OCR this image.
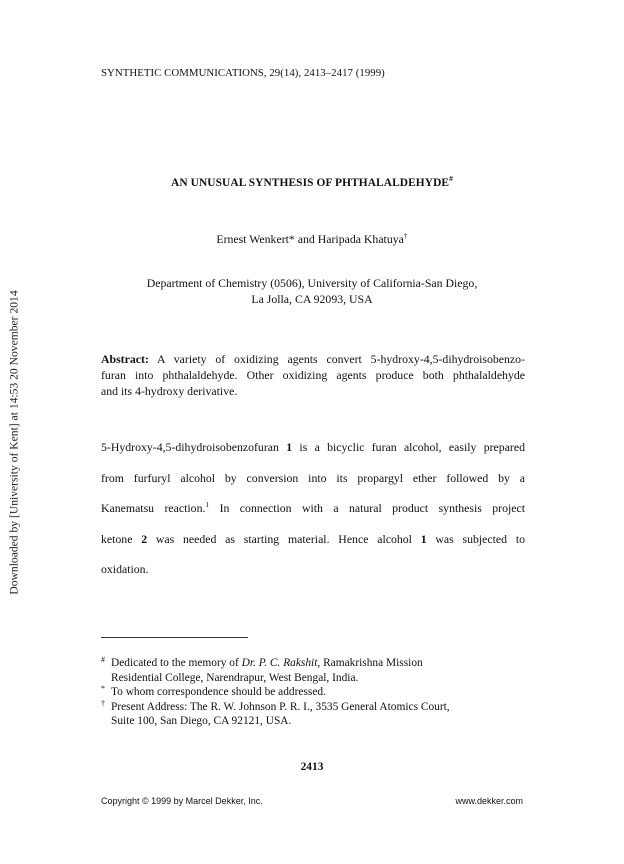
Downloaded by [University of Kent] at 14:53 20 November 2014
SYNTHETIC COMMUNICATIONS, 29(14), 2413–2417 (1999)
AN UNUSUAL SYNTHESIS OF PHTHALALDEHYDE#
Ernest Wenkert* and Haripada Khatuya†
Department of Chemistry (0506), University of California-San Diego,
La Jolla, CA 92093, USA
Abstract: A variety of oxidizing agents convert 5-hydroxy-4,5-dihydroisobenzo-
furan into phthalaldehyde. Other oxidizing agents produce both phthalaldehyde
and its 4-hydroxy derivative.
5-Hydroxy-4,5-dihydroisobenzofuran 1 is a bicyclic furan alcohol, easily prepared
from furfuryl alcohol by conversion into its propargyl ether followed by a
Kanematsu reaction.$^1$ In connection with a natural product synthesis project
ketone 2 was needed as starting material. Hence alcohol 1 was subjected to
oxidation.
# Dedicated to the memory of Dr. P. C. Rakshit, Ramakrishna Mission
Residential College, Narendrapur, West Bengal, India.
* To whom correspondence should be addressed.
† Present Address: The R. W. Johnson P. R. I., 3535 General Atomics Court,
Suite 100, San Diego, CA 92121, USA.
2413
Copyright © 1999 by Marcel Dekker, Inc.	www.dekker.com
